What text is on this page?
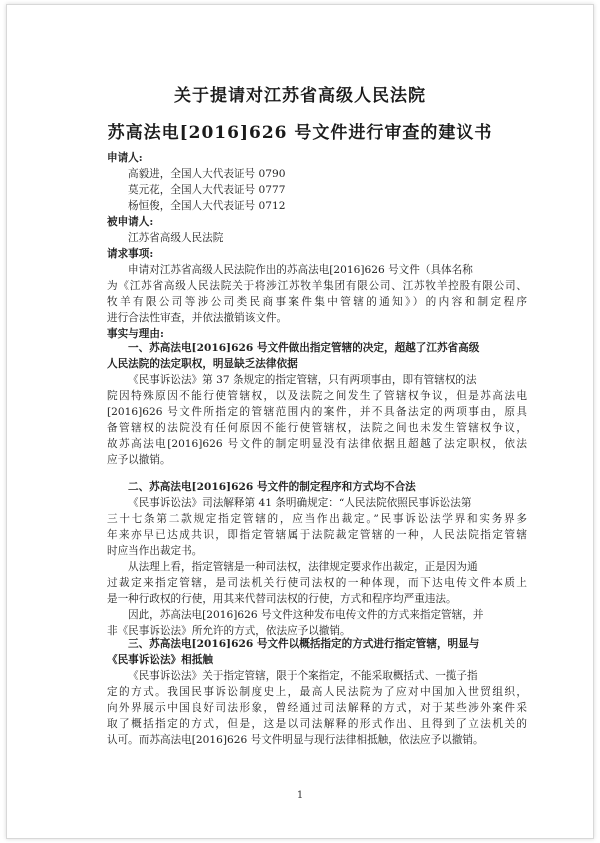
关于提请对江苏省高级人民法院
苏高法电[2016]626 号文件进行审查的建议书
申请人:
高毅进，全国人大代表证号 0790
莫元花，全国人大代表证号 0777
杨恒俊，全国人大代表证号 0712
被申请人:
江苏省高级人民法院
请求事项:
申请对江苏省高级人民法院作出的苏高法电[2016]626 号文件（具体名称
为《江苏省高级人民法院关于将涉江苏牧羊集团有限公司、江苏牧羊控股有限公司、
牧羊有限公司等涉公司类民商事案件集中管辖的通知》）的内容和制定程序
进行合法性审查，并依法撤销该文件。
事实与理由:
一、苏高法电[2016]626 号文件做出指定管辖的决定，超越了江苏省高级
人民法院的法定职权，明显缺乏法律依据
《民事诉讼法》第 37 条规定的指定管辖，只有两项事由，即有管辖权的法
院因特殊原因不能行使管辖权，以及法院之间发生了管辖权争议，但是苏高法电
[2016]626 号文件所指定的管辖范围内的案件，并不具备法定的两项事由，原具
备管辖权的法院没有任何原因不能行使管辖权，法院之间也未发生管辖权争议，
故苏高法电[2016]626 号文件的制定明显没有法律依据且超越了法定职权，依法
应予以撤销。
二、苏高法电[2016]626 号文件的制定程序和方式均不合法
《民事诉讼法》司法解释第 41 条明确规定：“人民法院依照民事诉讼法第
三十七条第二款规定指定管辖的，应当作出裁定。”民事诉讼法学界和实务界多
年来亦早已达成共识，即指定管辖属于法院裁定管辖的一种，人民法院指定管辖
时应当作出裁定书。
从法理上看，指定管辖是一种司法权，法律规定要求作出裁定，正是因为通
过裁定来指定管辖，是司法机关行使司法权的一种体现，而下达电传文件本质上
是一种行政权的行使，用其来代替司法权的行使，方式和程序均严重违法。
因此，苏高法电[2016]626 号文件这种发布电传文件的方式来指定管辖，并
非《民事诉讼法》所允许的方式，依法应予以撤销。
三、苏高法电[2016]626 号文件以概括指定的方式进行指定管辖，明显与
《民事诉讼法》相抵触
《民事诉讼法》关于指定管辖，限于个案指定，不能采取概括式、一揽子指
定的方式。我国民事诉讼制度史上，最高人民法院为了应对中国加入世贸组织，
向外界展示中国良好司法形象，曾经通过司法解释的方式，对于某些涉外案件采
取了概括指定的方式，但是，这是以司法解释的形式作出、且得到了立法机关的
认可。而苏高法电[2016]626 号文件明显与现行法律相抵触，依法应予以撤销。
1
